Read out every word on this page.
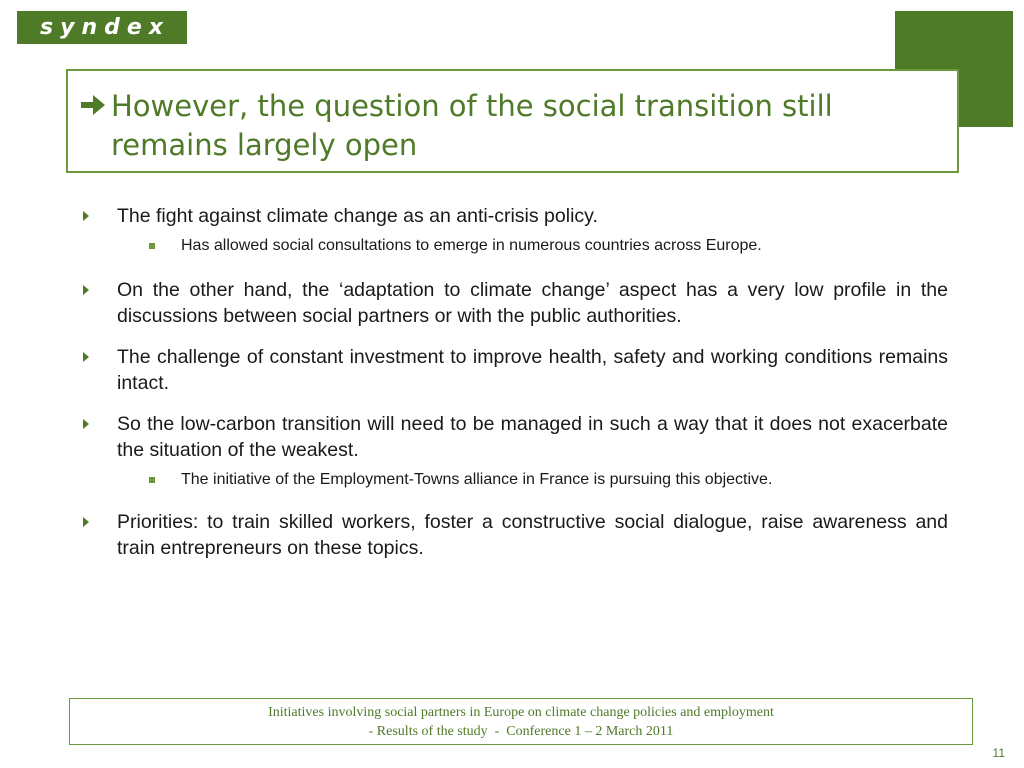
syndex
However, the question of the social transition still remains largely open
The fight against climate change as an anti-crisis policy.
Has allowed social consultations to emerge in numerous countries across Europe.
On the other hand, the ‘adaptation to climate change’ aspect has a very low profile in the discussions between social partners or with the public authorities.
The challenge of constant investment to improve health, safety and working conditions remains intact.
So the low-carbon transition will need to be managed in such a way that it does not exacerbate the situation of the weakest.
The initiative of the Employment-Towns alliance in France is pursuing this objective.
Priorities: to train skilled workers, foster a constructive social dialogue, raise awareness and train entrepreneurs on these topics.
Initiatives involving social partners in Europe on climate change policies and employment
- Results of the study  -  Conference 1 – 2 March 2011
11
